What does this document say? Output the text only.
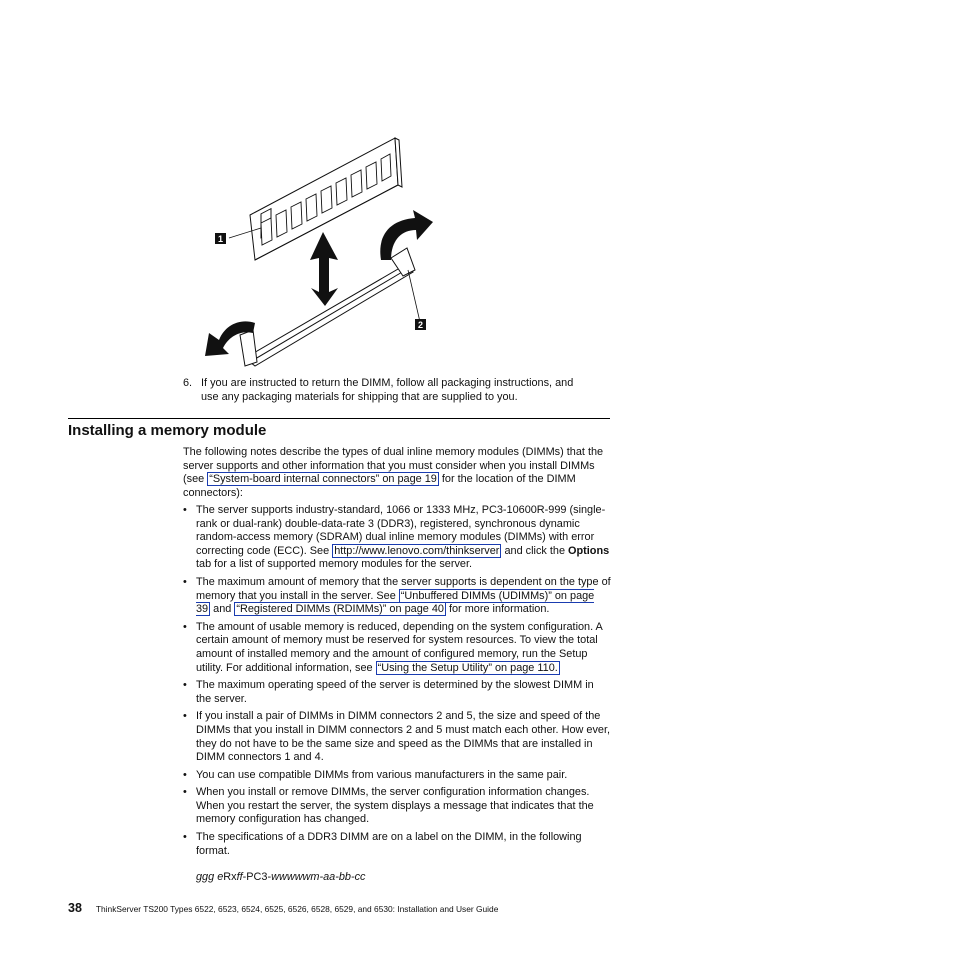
1
2
6. If you are instructed to return the DIMM, follow all packaging instructions, and
use any packaging materials for shipping that are supplied to you.
Installing a memory module
The following notes describe the types of dual inline memory modules (DIMMs) that the server supports and other information that you must consider when you install DIMMs (see “System-board internal connectors” on page 19 for the location of the DIMM connectors):
• The server supports industry-standard, 1066 or 1333 MHz, PC3-10600R-999 (single-rank or dual-rank) double-data-rate 3 (DDR3), registered, synchronous dynamic random-access memory (SDRAM) dual inline memory modules (DIMMs) with error correcting code (ECC). See http://www.lenovo.com/thinkserver and click the Options tab for a list of supported memory modules for the server.
• The maximum amount of memory that the server supports is dependent on the type of memory that you install in the server. See “Unbuffered DIMMs (UDIMMs)” on page 39 and “Registered DIMMs (RDIMMs)” on page 40 for more information.
• The amount of usable memory is reduced, depending on the system configuration. A certain amount of memory must be reserved for system resources. To view the total amount of installed memory and the amount of configured memory, run the Setup utility. For additional information, see “Using the Setup Utility” on page 110.
• The maximum operating speed of the server is determined by the slowest DIMM in the server.
• If you install a pair of DIMMs in DIMM connectors 2 and 5, the size and speed of the DIMMs that you install in DIMM connectors 2 and 5 must match each other. How ever, they do not have to be the same size and speed as the DIMMs that are installed in DIMM connectors 1 and 4.
• You can use compatible DIMMs from various manufacturers in the same pair.
• When you install or remove DIMMs, the server configuration information changes. When you restart the server, the system displays a message that indicates that the memory configuration has changed.
• The specifications of a DDR3 DIMM are on a label on the DIMM, in the following format.
ggg eRxff-PC3-wwwwwm-aa-bb-cc
38 ThinkServer TS200 Types 6522, 6523, 6524, 6525, 6526, 6528, 6529, and 6530: Installation and User Guide
